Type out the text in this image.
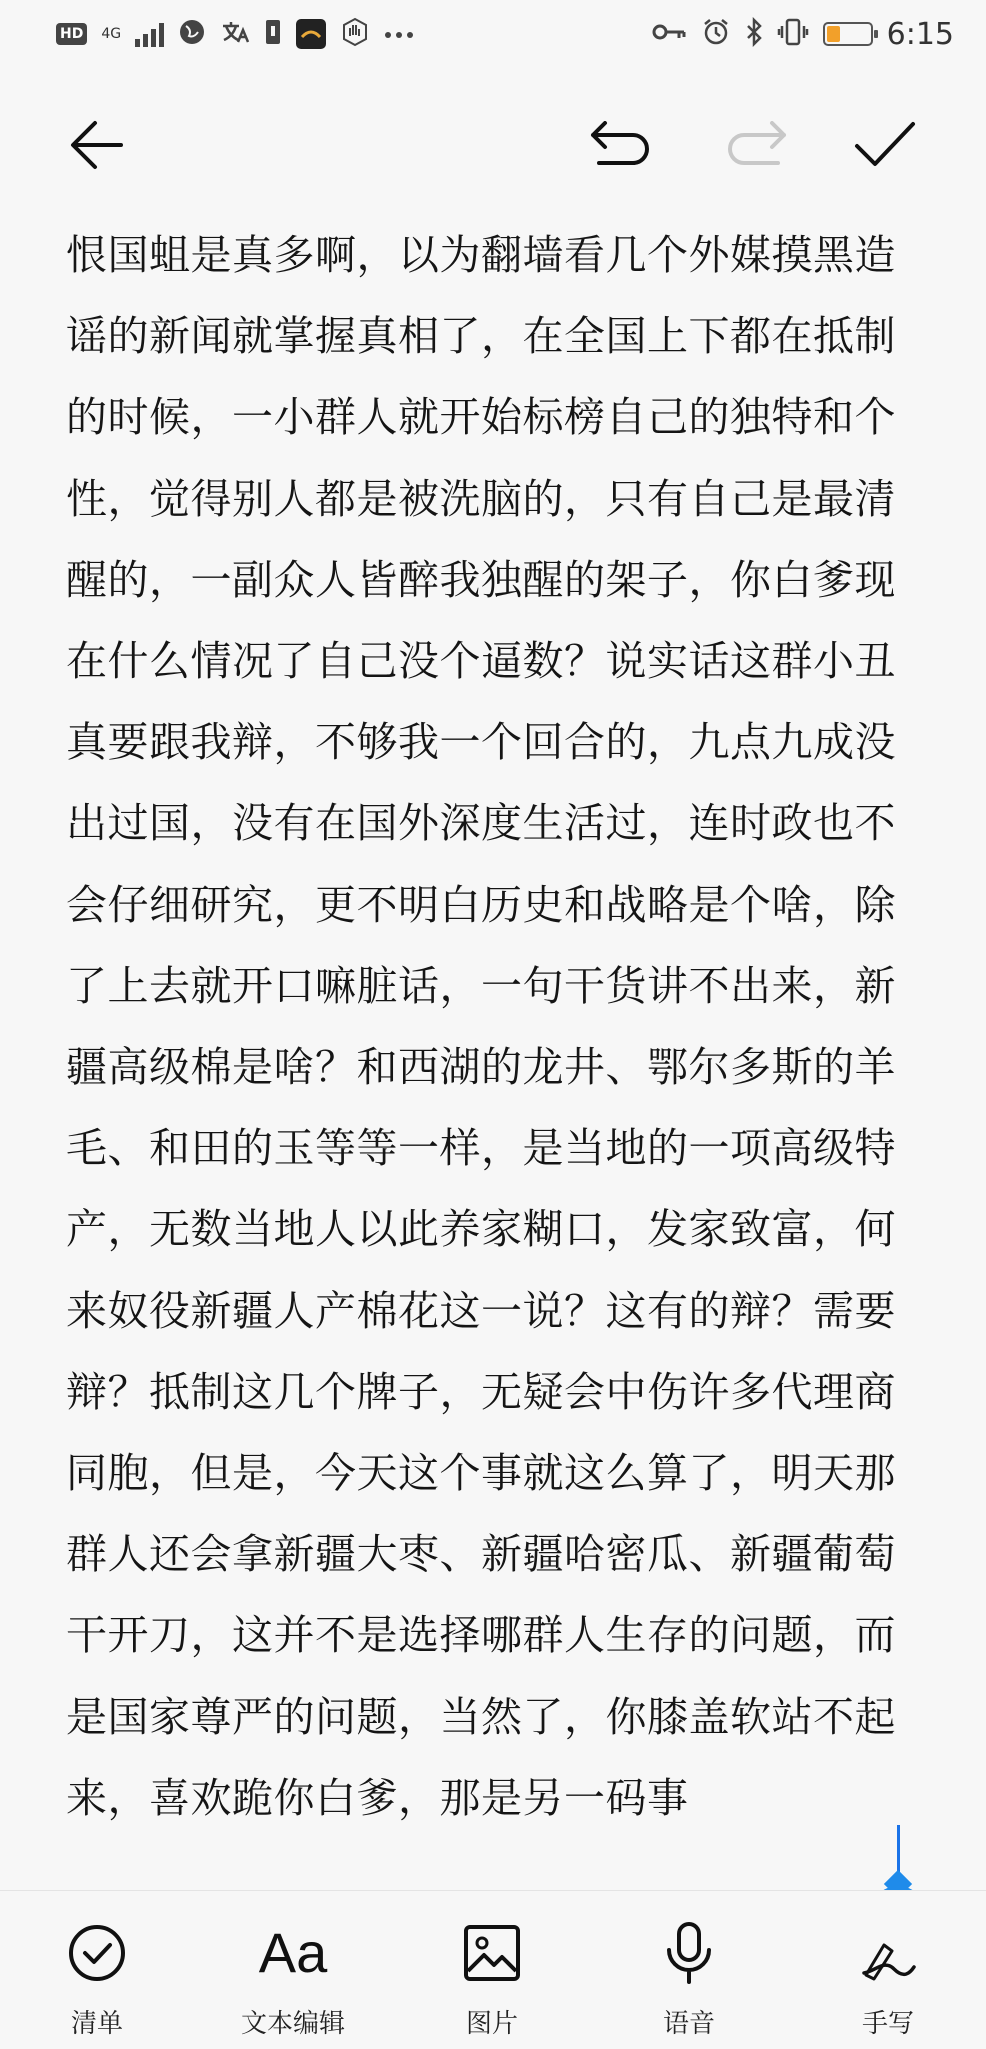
HD 4G	6:15
恨国蛆是真多啊，以为翻墙看几个外媒摸黑造谣的新闻就掌握真相了，在全国上下都在抵制的时候，一小群人就开始标榜自己的独特和个性，觉得别人都是被洗脑的，只有自己是最清醒的，一副众人皆醉我独醒的架子，你白爹现在什么情况了自己没个逼数？说实话这群小丑真要跟我辩，不够我一个回合的，九点九成没出过国，没有在国外深度生活过，连时政也不会仔细研究，更不明白历史和战略是个啥，除了上去就开口嘛脏话，一句干货讲不出来，新疆高级棉是啥？和西湖的龙井、鄂尔多斯的羊毛、和田的玉等等一样，是当地的一项高级特产，无数当地人以此养家糊口，发家致富，何来奴役新疆人产棉花这一说？这有的辩？需要辩？抵制这几个牌子，无疑会中伤许多代理商同胞，但是，今天这个事就这么算了，明天那群人还会拿新疆大枣、新疆哈密瓜、新疆葡萄干开刀，这并不是选择哪群人生存的问题，而是国家尊严的问题，当然了，你膝盖软站不起来，喜欢跪你白爹，那是另一码事
清单
Aa
文本编辑	图片	语音	手写
